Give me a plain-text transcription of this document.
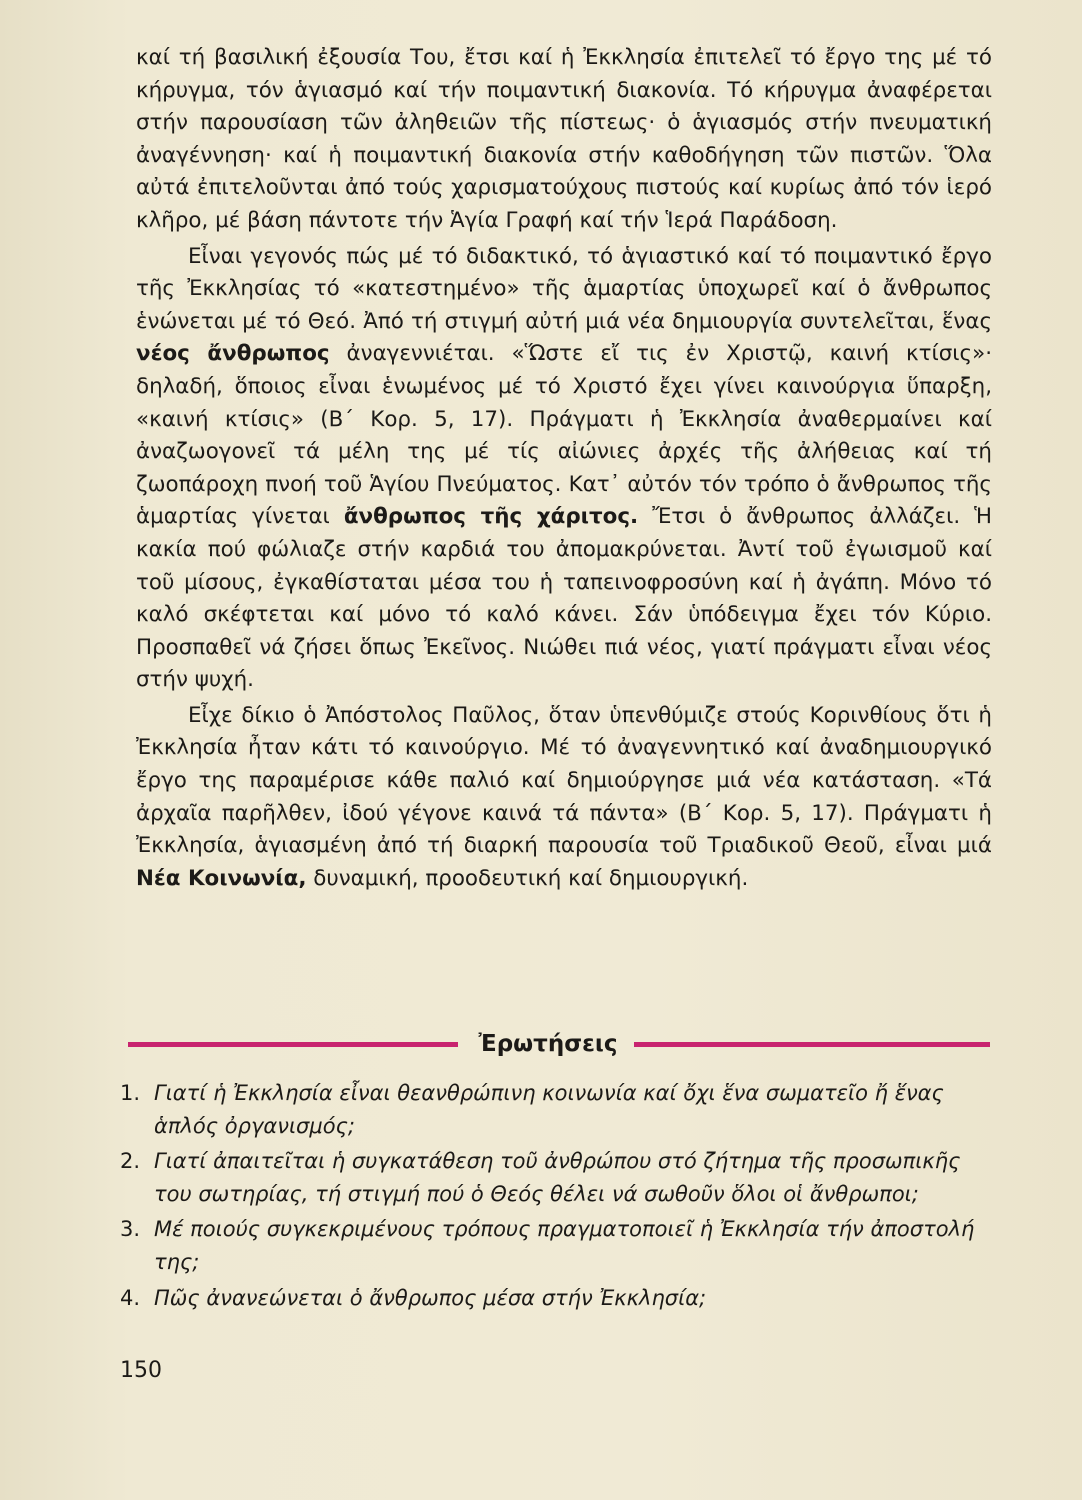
καί τή βασιλική ἐξουσία Του, ἔτσι καί ἡ Ἐκκλησία ἐπιτελεῖ τό ἔργο της μέ τό κήρυγμα, τόν ἁγιασμό καί τήν ποιμαντική διακονία. Τό κήρυγμα ἀναφέρεται στήν παρουσίαση τῶν ἀληθειῶν τῆς πίστεως· ὁ ἁγιασμός στήν πνευματική ἀναγέννηση· καί ἡ ποιμαντική διακονία στήν καθοδήγηση τῶν πιστῶν. Ὅλα αὐτά ἐπιτελοῦνται ἀπό τούς χαρισματούχους πιστούς καί κυρίως ἀπό τόν ἱερό κλῆρο, μέ βάση πάντοτε τήν Ἁγία Γραφή καί τήν Ἱερά Παράδοση.

Εἶναι γεγονός πώς μέ τό διδακτικό, τό ἁγιαστικό καί τό ποιμαντικό ἔργο τῆς Ἐκκλησίας τό «κατεστημένο» τῆς ἁμαρτίας ὑποχωρεῖ καί ὁ ἄνθρωπος ἑνώνεται μέ τό Θεό. Ἀπό τή στιγμή αὐτή μιά νέα δημιουργία συντελεῖται, ἕνας νέος ἄνθρωπος ἀναγεννιέται. «Ὥστε εἴ τις ἐν Χριστῷ, καινή κτίσις»· δηλαδή, ὅποιος εἶναι ἑνωμένος μέ τό Χριστό ἔχει γίνει καινούργια ὕπαρξη, «καινή κτίσις» (Β΄ Κορ. 5, 17). Πράγματι ἡ Ἐκκλησία ἀναθερμαίνει καί ἀναζωογονεῖ τά μέλη της μέ τίς αἰώνιες ἀρχές τῆς ἀλήθειας καί τή ζωοπάροχη πνοή τοῦ Ἁγίου Πνεύματος. Κατ᾽ αὐτόν τόν τρόπο ὁ ἄνθρωπος τῆς ἁμαρτίας γίνεται ἄνθρωπος τῆς χάριτος. Ἔτσι ὁ ἄνθρωπος ἀλλάζει. Ἡ κακία πού φώλιαζε στήν καρδιά του ἀπομακρύνεται. Ἀντί τοῦ ἐγωισμοῦ καί τοῦ μίσους, ἐγκαθίσταται μέσα του ἡ ταπεινοφροσύνη καί ἡ ἀγάπη. Μόνο τό καλό σκέφτεται καί μόνο τό καλό κάνει. Σάν ὑπόδειγμα ἔχει τόν Κύριο. Προσπαθεῖ νά ζήσει ὅπως Ἐκεῖνος. Νιώθει πιά νέος, γιατί πράγματι εἶναι νέος στήν ψυχή.

Εἶχε δίκιο ὁ Ἀπόστολος Παῦλος, ὅταν ὑπενθύμιζε στούς Κορινθίους ὅτι ἡ Ἐκκλησία ἦταν κάτι τό καινούργιο. Μέ τό ἀναγεννητικό καί ἀναδημιουργικό ἔργο της παραμέρισε κάθε παλιό καί δημιούργησε μιά νέα κατάσταση. «Τά ἀρχαῖα παρῆλθεν, ἰδού γέγονε καινά τά πάντα» (Β΄ Κορ. 5, 17). Πράγματι ἡ Ἐκκλησία, ἁγιασμένη ἀπό τή διαρκή παρουσία τοῦ Τριαδικοῦ Θεοῦ, εἶναι μιά Νέα Κοινωνία, δυναμική, προοδευτική καί δημιουργική.

Ἐρωτήσεις
1. Γιατί ἡ Ἐκκλησία εἶναι θεανθρώπινη κοινωνία καί ὄχι ἕνα σωματεῖο ἤ ἕνας ἁπλός ὀργανισμός;
2. Γιατί ἀπαιτεῖται ἡ συγκατάθεση τοῦ ἀνθρώπου στό ζήτημα τῆς προσωπικῆς του σωτηρίας, τή στιγμή πού ὁ Θεός θέλει νά σωθοῦν ὅλοι οἱ ἄνθρωποι;
3. Μέ ποιούς συγκεκριμένους τρόπους πραγματοποιεῖ ἡ Ἐκκλησία τήν ἀποστολή της;
4. Πῶς ἀνανεώνεται ὁ ἄνθρωπος μέσα στήν Ἐκκλησία;
150
